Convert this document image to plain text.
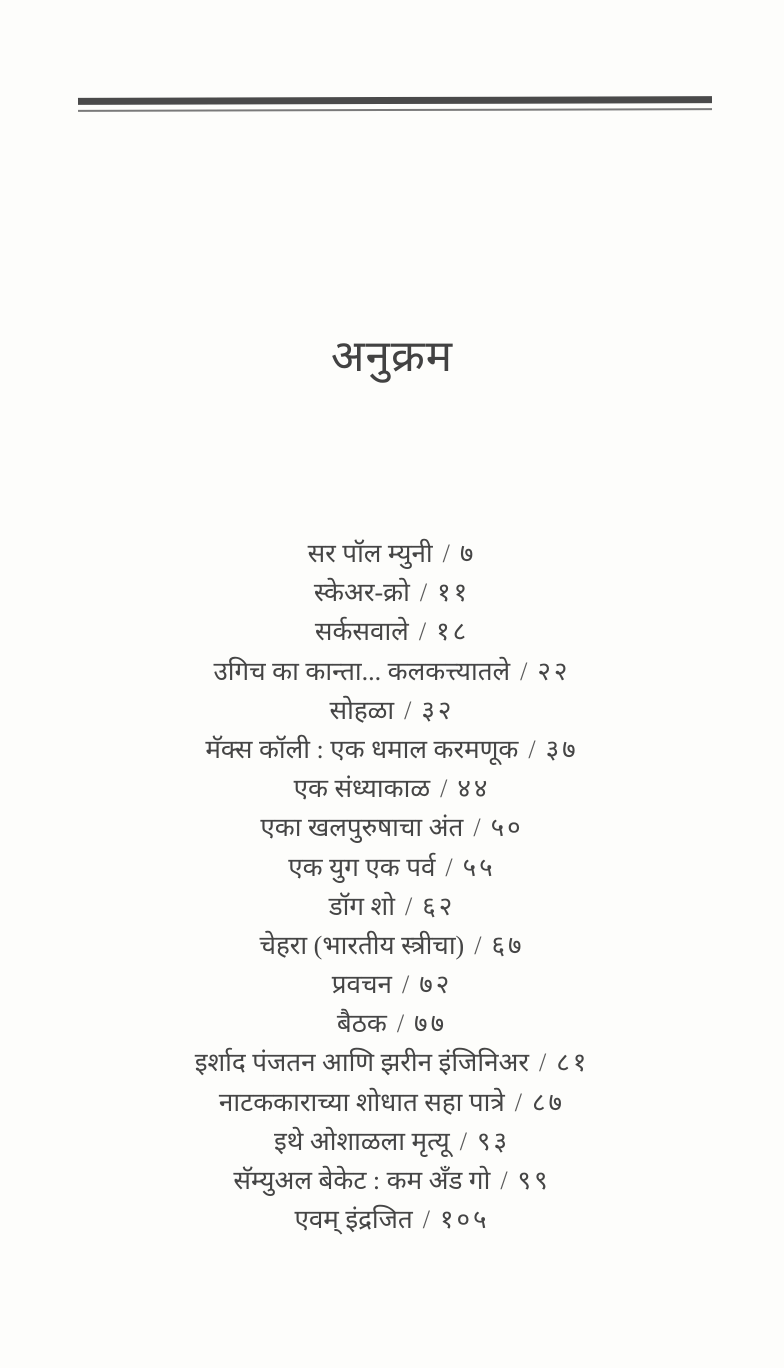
अनुक्रम
सर पॉल म्युनी / ७
स्केअर-क्रो / ११
सर्कसवाले / १८
उगिच का कान्ता... कलकत्त्यातले / २२
सोहळा / ३२
मॅक्स कॉली : एक धमाल करमणूक / ३७
एक संध्याकाळ / ४४
एका खलपुरुषाचा अंत / ५०
एक युग एक पर्व / ५५
डॉग शो / ६२
चेहरा (भारतीय स्त्रीचा) / ६७
प्रवचन / ७२
बैठक / ७७
इर्शाद पंजतन आणि झरीन इंजिनिअर / ८१
नाटककाराच्या शोधात सहा पात्रे / ८७
इथे ओशाळला मृत्यू / ९३
सॅम्युअल बेकेट : कम अँड गो / ९९
एवम् इंद्रजित / १०५
